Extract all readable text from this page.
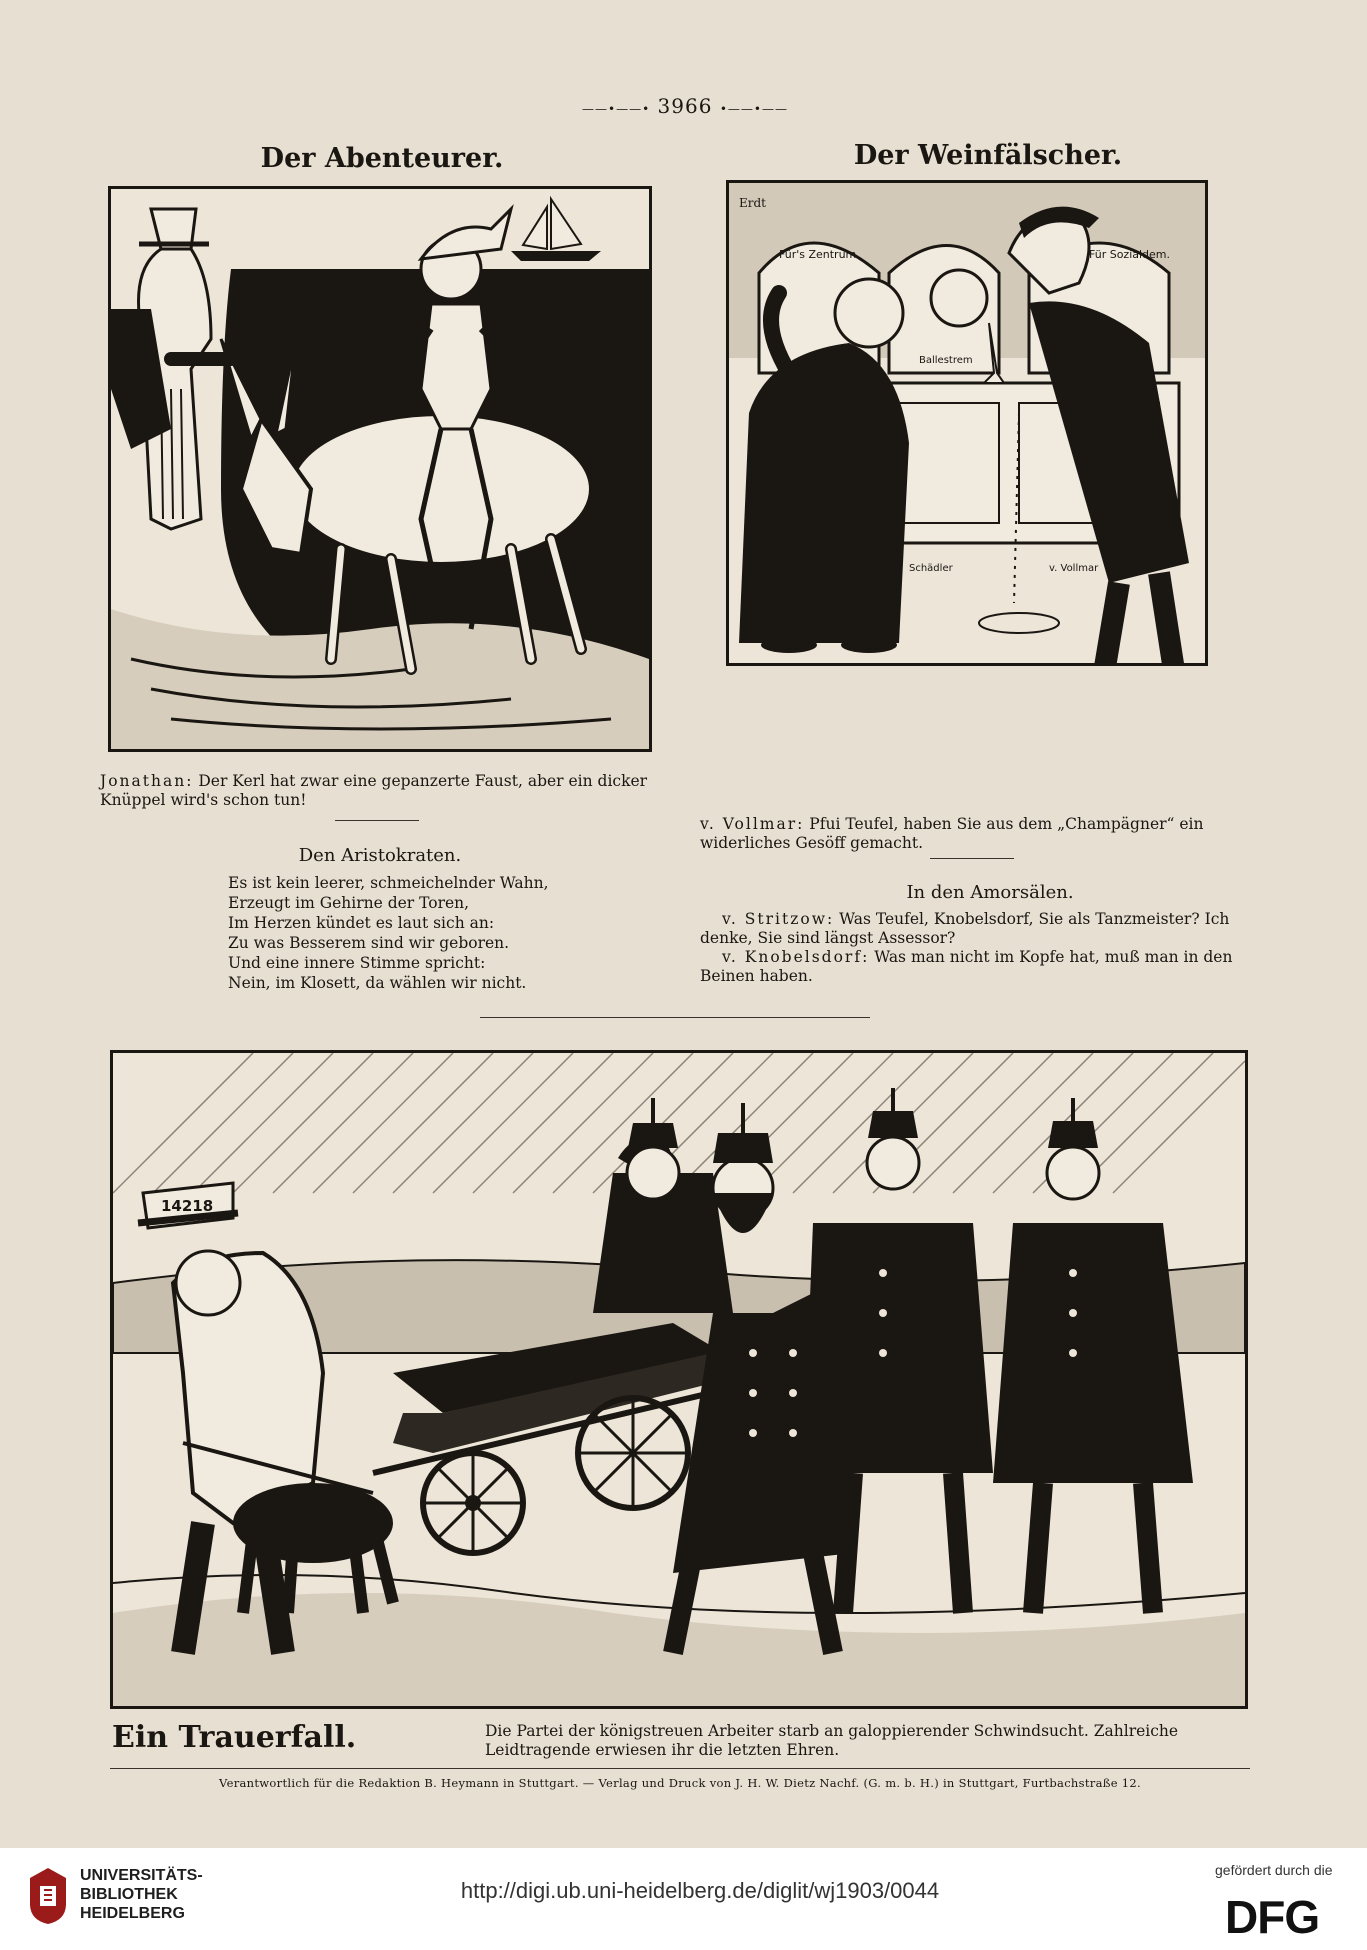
——•——• 3966 •——•——
Der Abenteurer.	Der Weinfälscher.
Erdt
Für's Zentrum.
Ballestrem
Für Sozialdem.
Schädler	v. Vollmar
Jonathan: Der Kerl hat zwar eine gepanzerte Faust, aber ein dicker Knüppel wird's schon tun!
Den Aristokraten.
Es ist kein leerer, schmeichelnder Wahn,
Erzeugt im Gehirne der Toren,
Im Herzen kündet es laut sich an:
Zu was Besserem sind wir geboren.
Und eine innere Stimme spricht:
Nein, im Klosett, da wählen wir nicht.
v. Vollmar: Pfui Teufel, haben Sie aus dem „Champägner“ ein widerliches Gesöff gemacht.
In den Amorsälen.
v. Stritzow: Was Teufel, Knobelsdorf, Sie als Tanzmeister? Ich denke, Sie sind längst Assessor?
v. Knobelsdorf: Was man nicht im Kopfe hat, muß man in den Beinen haben.
14218
Ein Trauerfall.	Die Partei der königstreuen Arbeiter starb an galoppierender Schwindsucht. Zahlreiche Leidtragende erwiesen ihr die letzten Ehren.
Verantwortlich für die Redaktion B. Heymann in Stuttgart. — Verlag und Druck von J. H. W. Dietz Nachf. (G. m. b. H.) in Stuttgart, Furtbachstraße 12.
UNIVERSITÄTS-
BIBLIOTHEK
HEIDELBERG
http://digi.ub.uni-heidelberg.de/diglit/wj1903/0044
gefördert durch die
DFG
